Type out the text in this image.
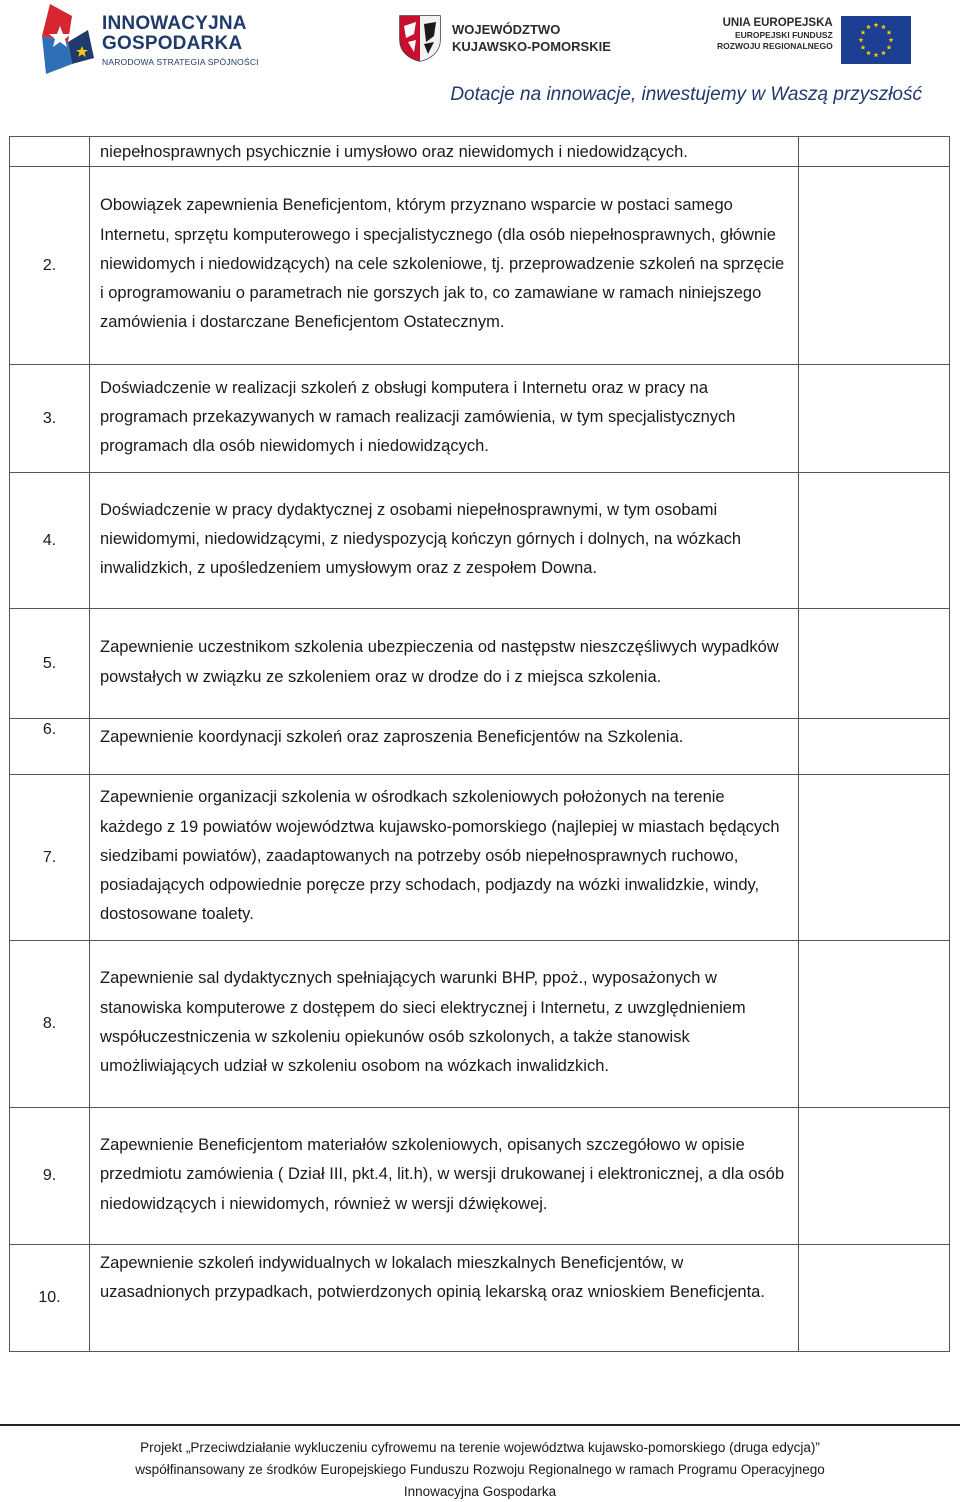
INNOWACYJNA
GOSPODARKA
NARODOWA STRATEGIA SPÓJNOŚCI
WOJEWÓDZTWO
KUJAWSKO-POMORSKIE
UNIA EUROPEJSKA
EUROPEJSKI FUNDUSZ
ROZWOJU REGIONALNEGO
Dotacje na innowacje, inwestujemy w Waszą przyszłość
	niepełnosprawnych psychicznie i umysłowo oraz niewidomych i niedowidzących.	
2.	Obowiązek zapewnienia Beneficjentom, którym przyznano wsparcie w postaci samego Internetu, sprzętu komputerowego i specjalistycznego (dla osób niepełnosprawnych, głównie niewidomych i niedowidzących) na cele szkoleniowe, tj. przeprowadzenie szkoleń na sprzęcie i oprogramowaniu o parametrach nie gorszych jak to, co zamawiane w ramach niniejszego zamówienia i dostarczane Beneficjentom Ostatecznym.	
3.	Doświadczenie w realizacji szkoleń z obsługi komputera i Internetu oraz w pracy na programach przekazywanych w ramach realizacji zamówienia, w tym specjalistycznych programach dla osób niewidomych i niedowidzących.	
4.	Doświadczenie w pracy dydaktycznej z osobami niepełnosprawnymi, w tym osobami niewidomymi, niedowidzącymi, z niedyspozycją kończyn górnych i dolnych, na wózkach inwalidzkich, z upośledzeniem umysłowym oraz z zespołem Downa.	
5.	Zapewnienie uczestnikom szkolenia ubezpieczenia od następstw nieszczęśliwych wypadków powstałych w związku ze szkoleniem oraz w drodze do i z miejsca szkolenia.	
6.	Zapewnienie koordynacji szkoleń oraz zaproszenia Beneficjentów na Szkolenia.	
7.	Zapewnienie organizacji szkolenia w ośrodkach szkoleniowych położonych na terenie każdego z 19 powiatów województwa kujawsko-pomorskiego (najlepiej w miastach będących siedzibami powiatów), zaadaptowanych na potrzeby osób niepełnosprawnych ruchowo, posiadających odpowiednie poręcze przy schodach, podjazdy na wózki inwalidzkie, windy, dostosowane toalety.	
8.	Zapewnienie sal dydaktycznych spełniających warunki BHP, ppoż., wyposażonych w stanowiska komputerowe z dostępem do sieci elektrycznej i Internetu, z uwzględnieniem współuczestniczenia w szkoleniu opiekunów osób szkolonych, a także stanowisk umożliwiających udział w szkoleniu osobom na wózkach inwalidzkich.	
9.	Zapewnienie Beneficjentom materiałów szkoleniowych, opisanych szczegółowo w opisie przedmiotu zamówienia ( Dział III, pkt.4, lit.h), w wersji drukowanej i elektronicznej, a dla osób niedowidzących i niewidomych, również w wersji dźwiękowej.	
10.	Zapewnienie szkoleń indywidualnych w lokalach mieszkalnych Beneficjentów, w uzasadnionych przypadkach, potwierdzonych opinią lekarską oraz wnioskiem Beneficjenta.	
Projekt „Przeciwdziałanie wykluczeniu cyfrowemu na terenie województwa kujawsko-pomorskiego (druga edycja)”
współfinansowany ze środków Europejskiego Funduszu Rozwoju Regionalnego w ramach Programu Operacyjnego
Innowacyjna Gospodarka
